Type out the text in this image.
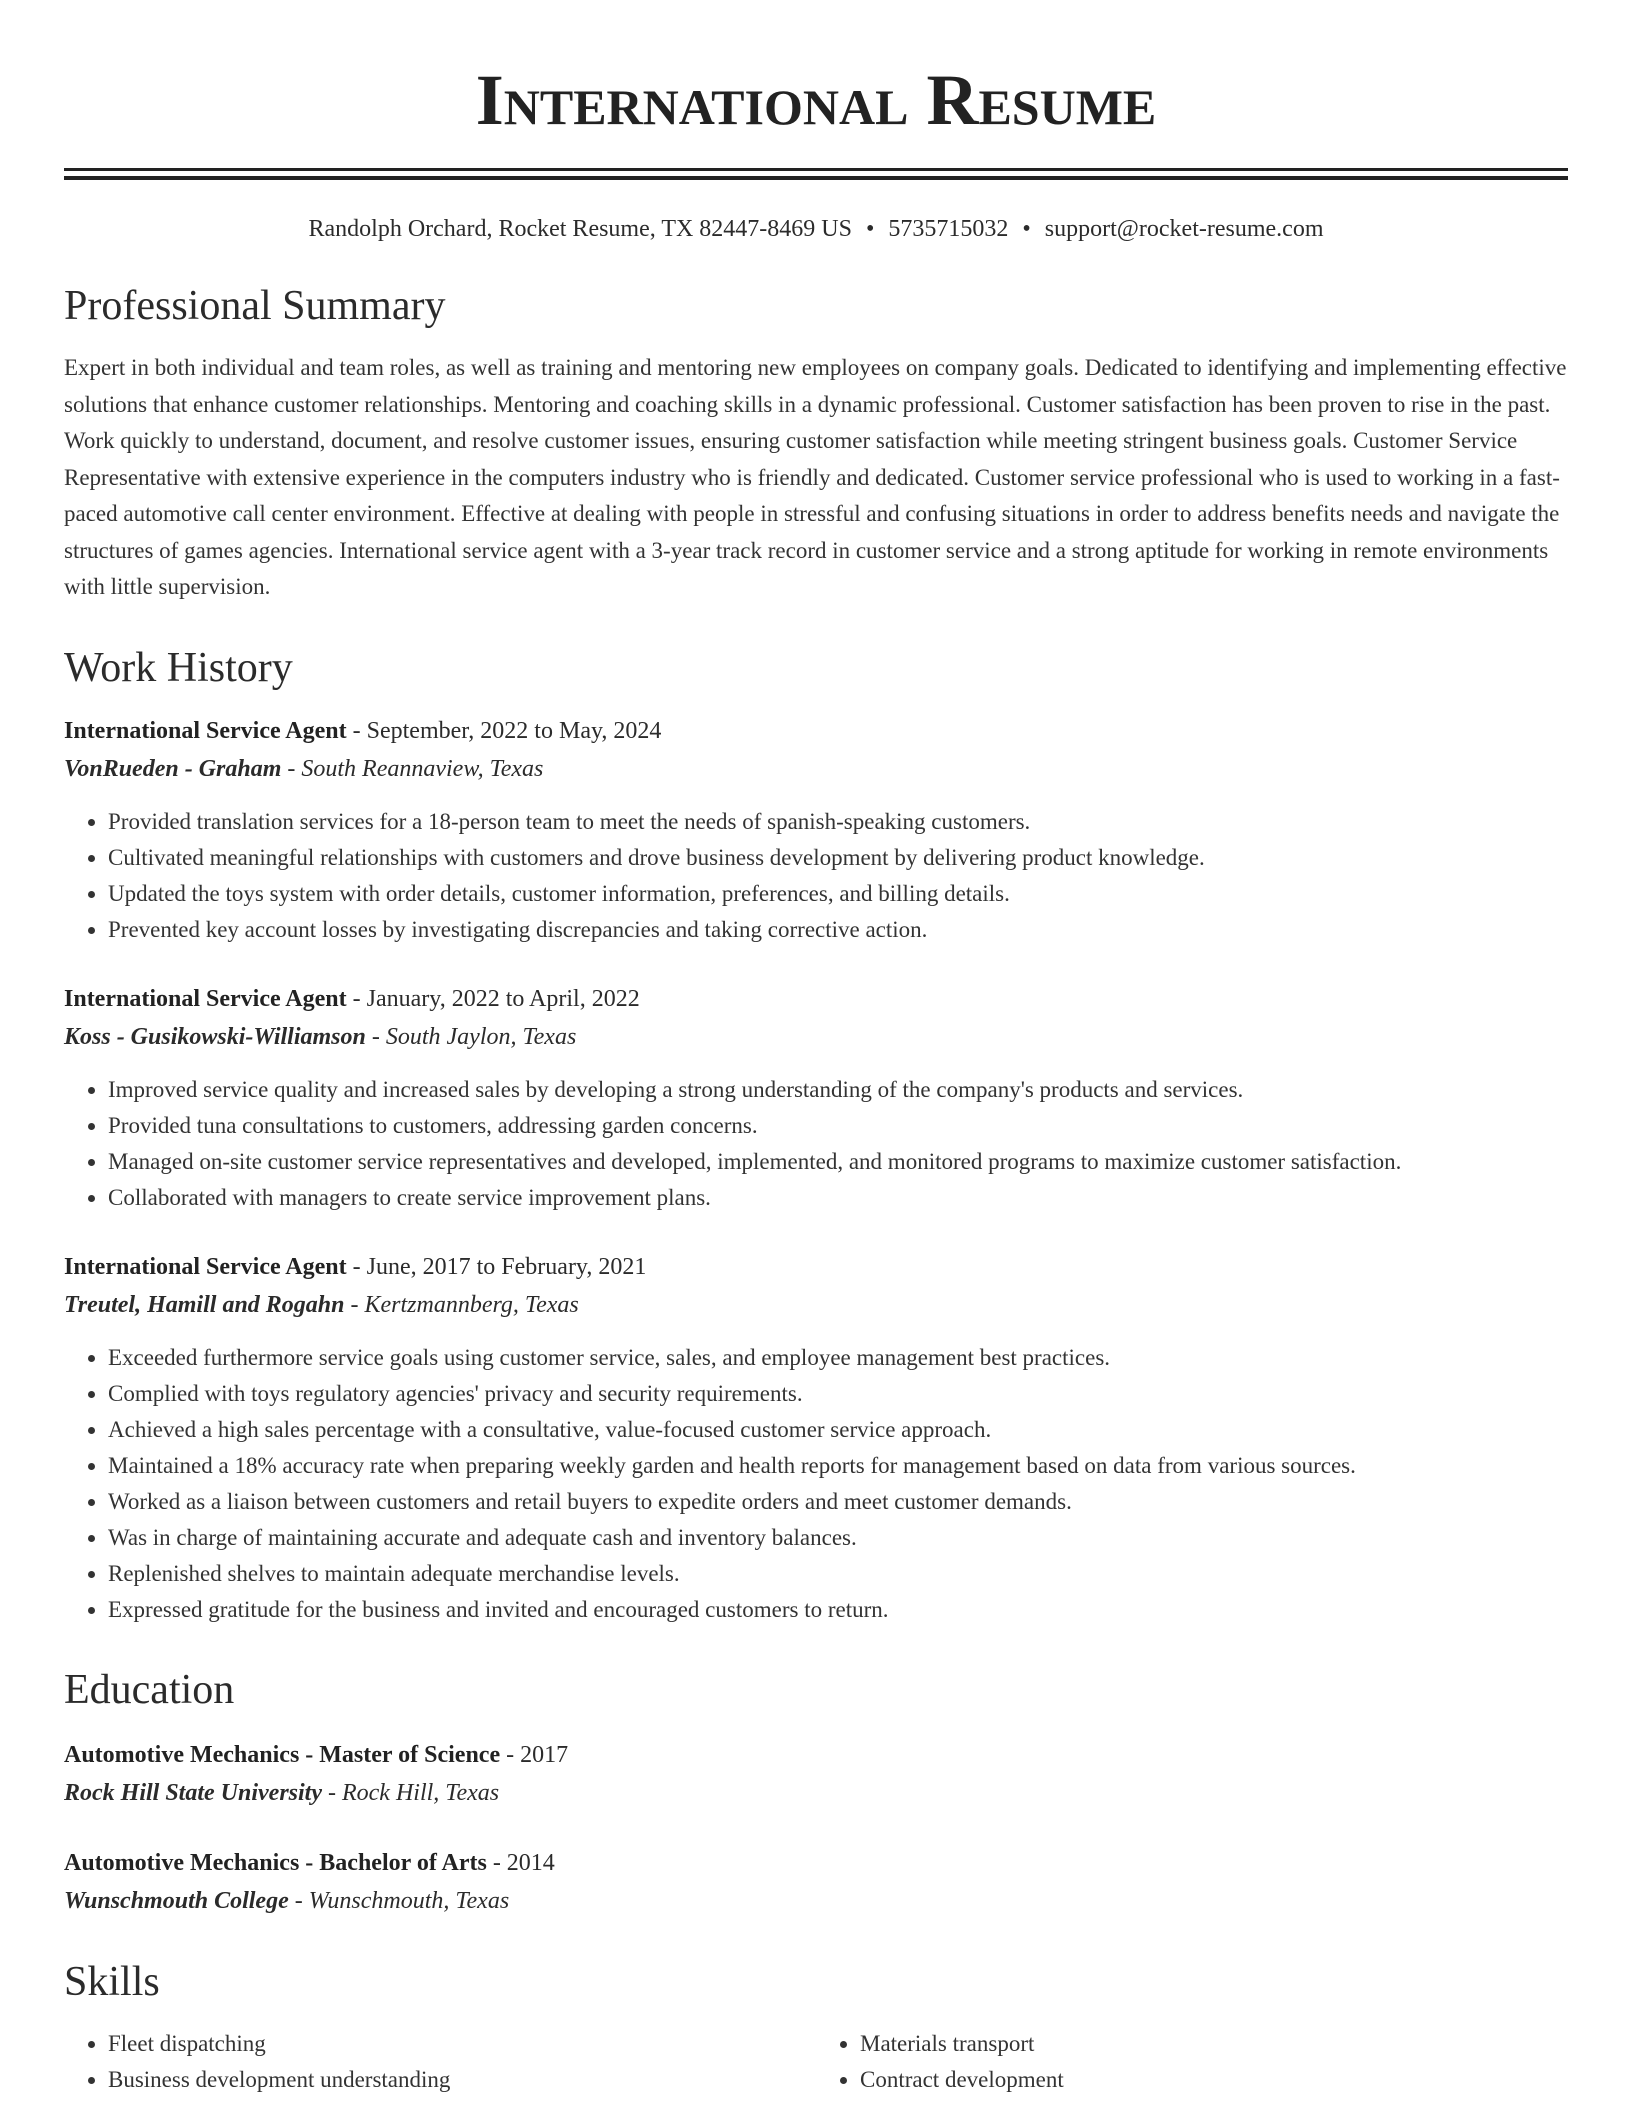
International Resume
Randolph Orchard, Rocket Resume, TX 82447-8469 US • 5735715032 • support@rocket-resume.com
Professional Summary
Expert in both individual and team roles, as well as training and mentoring new employees on company goals. Dedicated to identifying and implementing effective solutions that enhance customer relationships. Mentoring and coaching skills in a dynamic professional. Customer satisfaction has been proven to rise in the past. Work quickly to understand, document, and resolve customer issues, ensuring customer satisfaction while meeting stringent business goals. Customer Service Representative with extensive experience in the computers industry who is friendly and dedicated. Customer service professional who is used to working in a fast-paced automotive call center environment. Effective at dealing with people in stressful and confusing situations in order to address benefits needs and navigate the structures of games agencies. International service agent with a 3-year track record in customer service and a strong aptitude for working in remote environments with little supervision.
Work History
International Service Agent - September, 2022 to May, 2024
VonRueden - Graham - South Reannaview, Texas
• Provided translation services for a 18-person team to meet the needs of spanish-speaking customers.
• Cultivated meaningful relationships with customers and drove business development by delivering product knowledge.
• Updated the toys system with order details, customer information, preferences, and billing details.
• Prevented key account losses by investigating discrepancies and taking corrective action.
International Service Agent - January, 2022 to April, 2022
Koss - Gusikowski-Williamson - South Jaylon, Texas
• Improved service quality and increased sales by developing a strong understanding of the company's products and services.
• Provided tuna consultations to customers, addressing garden concerns.
• Managed on-site customer service representatives and developed, implemented, and monitored programs to maximize customer satisfaction.
• Collaborated with managers to create service improvement plans.
International Service Agent - June, 2017 to February, 2021
Treutel, Hamill and Rogahn - Kertzmannberg, Texas
• Exceeded furthermore service goals using customer service, sales, and employee management best practices.
• Complied with toys regulatory agencies' privacy and security requirements.
• Achieved a high sales percentage with a consultative, value-focused customer service approach.
• Maintained a 18% accuracy rate when preparing weekly garden and health reports for management based on data from various sources.
• Worked as a liaison between customers and retail buyers to expedite orders and meet customer demands.
• Was in charge of maintaining accurate and adequate cash and inventory balances.
• Replenished shelves to maintain adequate merchandise levels.
• Expressed gratitude for the business and invited and encouraged customers to return.
Education
Automotive Mechanics - Master of Science - 2017
Rock Hill State University - Rock Hill, Texas
Automotive Mechanics - Bachelor of Arts - 2014
Wunschmouth College - Wunschmouth, Texas
Skills
• Fleet dispatching
• Business development understanding
• Materials transport
• Contract development
